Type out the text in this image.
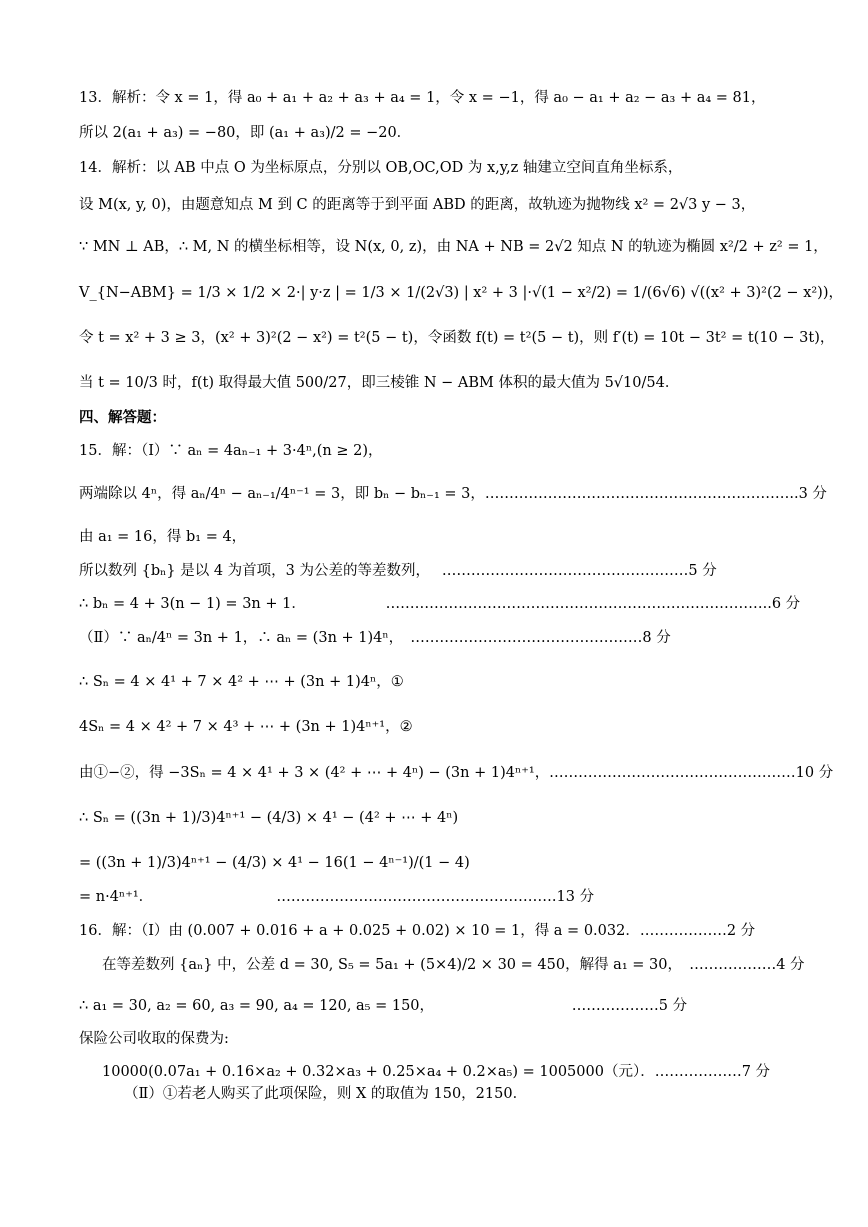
13．解析：令 x = 1，得 a₀ + a₁ + a₂ + a₃ + a₄ = 1，令 x = −1，得 a₀ − a₁ + a₂ − a₃ + a₄ = 81，
所以 2(a₁ + a₃) = −80，即 (a₁ + a₃)/2 = −20．
14．解析：以 AB 中点 O 为坐标原点，分别以 OB,OC,OD 为 x,y,z 轴建立空间直角坐标系，
设 M(x, y, 0)，由题意知点 M 到 C 的距离等于到平面 ABD 的距离，故轨迹为抛物线 x² = 2√3 y − 3，
∵ MN ⊥ AB，∴ M, N 的横坐标相等，设 N(x, 0, z)，由 NA + NB = 2√2 知点 N 的轨迹为椭圆 x²/2 + z² = 1，
V_{N−ABM} = 1/3 × 1/2 × 2·| y·z | = 1/3 × 1/(2√3) | x² + 3 |·√(1 − x²/2) = 1/(6√6) √((x² + 3)²(2 − x²))，
令 t = x² + 3 ≥ 3，(x² + 3)²(2 − x²) = t²(5 − t)，令函数 f(t) = t²(5 − t)，则 f′(t) = 10t − 3t² = t(10 − 3t)，
当 t = 10/3 时，f(t) 取得最大值 500/27，即三棱锥 N − ABM 体积的最大值为 5√10/54．
四、解答题：
15．解：（Ⅰ）∵ aₙ = 4aₙ₋₁ + 3·4ⁿ,(n ≥ 2)，
两端除以 4ⁿ，得 aₙ/4ⁿ − aₙ₋₁/4ⁿ⁻¹ = 3，即 bₙ − bₙ₋₁ = 3，………………………………………………………..3 分
由 a₁ = 16，得 b₁ = 4，
所以数列 {bₙ} 是以 4 为首项，3 为公差的等差数列，　 ……………………………………………5 分
∴ bₙ = 4 + 3(n − 1) = 3n + 1．　　　　　　……………………………………………………………………..6 分
（Ⅱ）∵ aₙ/4ⁿ = 3n + 1，∴ aₙ = (3n + 1)4ⁿ，　…………………………………………8 分
∴ Sₙ = 4 × 4¹ + 7 × 4² + ⋯ + (3n + 1)4ⁿ，①
4Sₙ = 4 × 4² + 7 × 4³ + ⋯ + (3n + 1)4ⁿ⁺¹，②
由①−②，得 −3Sₙ = 4 × 4¹ + 3 × (4² + ⋯ + 4ⁿ) − (3n + 1)4ⁿ⁺¹，……………………………………………10 分
∴ Sₙ = ((3n + 1)/3)4ⁿ⁺¹ − (4/3) × 4¹ − (4² + ⋯ + 4ⁿ)
= ((3n + 1)/3)4ⁿ⁺¹ − (4/3) × 4¹ − 16(1 − 4ⁿ⁻¹)/(1 − 4)
= n·4ⁿ⁺¹．　　　　　　　　　………………………………………………….13 分
16．解：（Ⅰ）由 (0.007 + 0.016 + a + 0.025 + 0.02) × 10 = 1，得 a = 0.032．………………2 分
在等差数列 {aₙ} 中，公差 d = 30, S₅ = 5a₁ + (5×4)/2 × 30 = 450，解得 a₁ = 30，　………………4 分
∴ a₁ = 30, a₂ = 60, a₃ = 90, a₄ = 120, a₅ = 150，　　　　　　　　　　………………5 分
保险公司收取的保费为:
10000(0.07a₁ + 0.16×a₂ + 0.32×a₃ + 0.25×a₄ + 0.2×a₅) = 1005000（元）．………………7 分
（Ⅱ）①若老人购买了此项保险，则 X 的取值为 150，2150．
